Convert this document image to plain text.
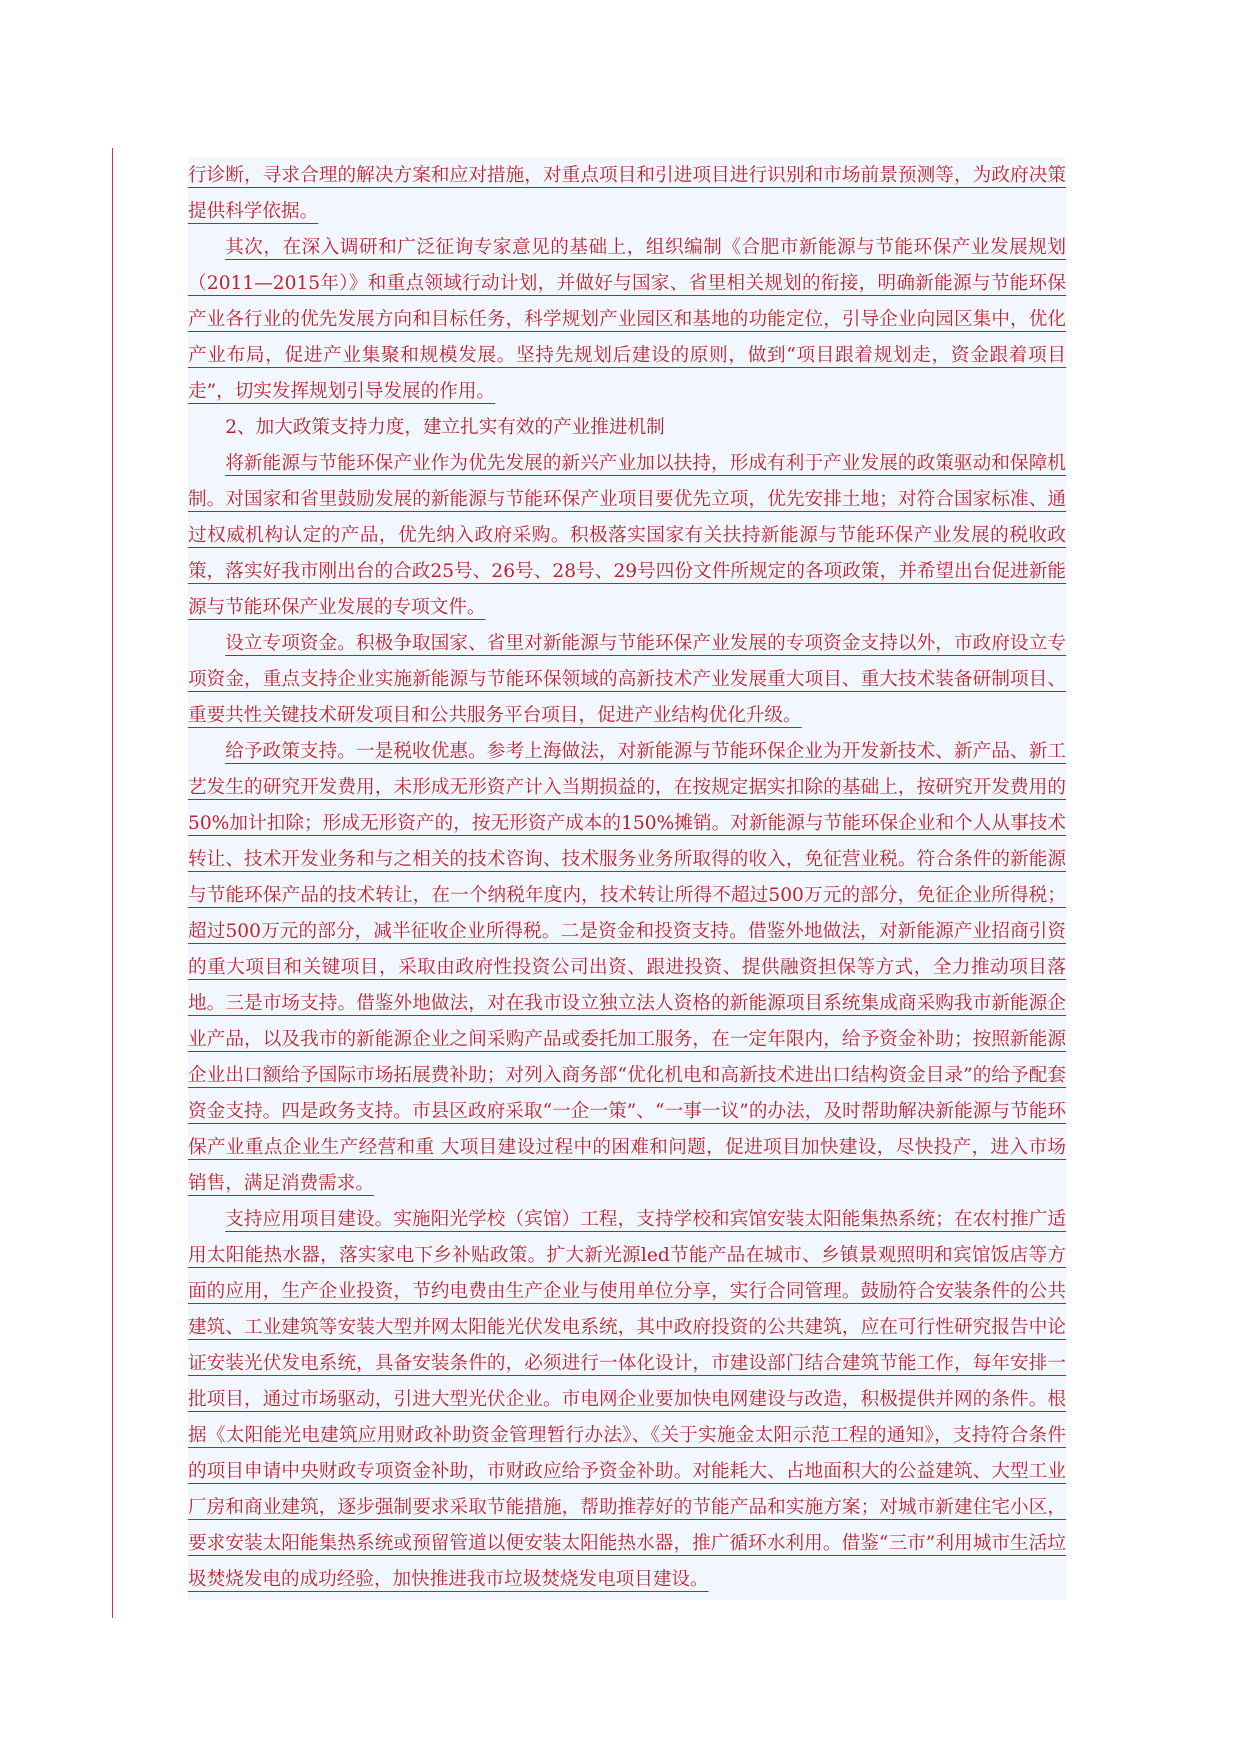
行诊断，寻求合理的解决方案和应对措施，对重点项目和引进项目进行识别和市场前景预测等，为政府决策提供科学依据。

其次，在深入调研和广泛征询专家意见的基础上，组织编制《合肥市新能源与节能环保产业发展规划（2011—2015年）》和重点领域行动计划，并做好与国家、省里相关规划的衔接，明确新能源与节能环保产业各行业的优先发展方向和目标任务，科学规划产业园区和基地的功能定位，引导企业向园区集中，优化产业布局，促进产业集聚和规模发展。坚持先规划后建设的原则，做到“项目跟着规划走，资金跟着项目走”，切实发挥规划引导发展的作用。

2、加大政策支持力度，建立扎实有效的产业推进机制

将新能源与节能环保产业作为优先发展的新兴产业加以扶持，形成有利于产业发展的政策驱动和保障机制。对国家和省里鼓励发展的新能源与节能环保产业项目要优先立项，优先安排土地；对符合国家标准、通过权威机构认定的产品，优先纳入政府采购。积极落实国家有关扶持新能源与节能环保产业发展的税收政策，落实好我市刚出台的合政25号、26号、28号、29号四份文件所规定的各项政策，并希望出台促进新能源与节能环保产业发展的专项文件。

设立专项资金。积极争取国家、省里对新能源与节能环保产业发展的专项资金支持以外，市政府设立专项资金，重点支持企业实施新能源与节能环保领域的高新技术产业发展重大项目、重大技术装备研制项目、重要共性关键技术研发项目和公共服务平台项目，促进产业结构优化升级。

给予政策支持。一是税收优惠。参考上海做法，对新能源与节能环保企业为开发新技术、新产品、新工艺发生的研究开发费用，未形成无形资产计入当期损益的，在按规定据实扣除的基础上，按研究开发费用的50%加计扣除；形成无形资产的，按无形资产成本的150%摊销。对新能源与节能环保企业和个人从事技术转让、技术开发业务和与之相关的技术咨询、技术服务业务所取得的收入，免征营业税。符合条件的新能源与节能环保产品的技术转让，在一个纳税年度内，技术转让所得不超过500万元的部分，免征企业所得税；超过500万元的部分，减半征收企业所得税。二是资金和投资支持。借鉴外地做法，对新能源产业招商引资的重大项目和关键项目，采取由政府性投资公司出资、跟进投资、提供融资担保等方式，全力推动项目落地。三是市场支持。借鉴外地做法，对在我市设立独立法人资格的新能源项目系统集成商采购我市新能源企业产品，以及我市的新能源企业之间采购产品或委托加工服务，在一定年限内，给予资金补助；按照新能源企业出口额给予国际市场拓展费补助；对列入商务部“优化机电和高新技术进出口结构资金目录”的给予配套资金支持。四是政务支持。市县区政府采取“一企一策”、“一事一议”的办法，及时帮助解决新能源与节能环保产业重点企业生产经营和重 大项目建设过程中的困难和问题，促进项目加快建设，尽快投产，进入市场销售，满足消费需求。

支持应用项目建设。实施阳光学校（宾馆）工程，支持学校和宾馆安装太阳能集热系统；在农村推广适用太阳能热水器，落实家电下乡补贴政策。扩大新光源led节能产品在城市、乡镇景观照明和宾馆饭店等方面的应用，生产企业投资，节约电费由生产企业与使用单位分享，实行合同管理。鼓励符合安装条件的公共建筑、工业建筑等安装大型并网太阳能光伏发电系统，其中政府投资的公共建筑，应在可行性研究报告中论证安装光伏发电系统，具备安装条件的，必须进行一体化设计，市建设部门结合建筑节能工作，每年安排一批项目，通过市场驱动，引进大型光伏企业。市电网企业要加快电网建设与改造，积极提供并网的条件。根据《太阳能光电建筑应用财政补助资金管理暂行办法》、《关于实施金太阳示范工程的通知》，支持符合条件的项目申请中央财政专项资金补助，市财政应给予资金补助。对能耗大、占地面积大的公益建筑、大型工业厂房和商业建筑，逐步强制要求采取节能措施，帮助推荐好的节能产品和实施方案；对城市新建住宅小区，要求安装太阳能集热系统或预留管道以便安装太阳能热水器，推广循环水利用。借鉴“三市”利用城市生活垃圾焚烧发电的成功经验，加快推进我市垃圾焚烧发电项目建设。
